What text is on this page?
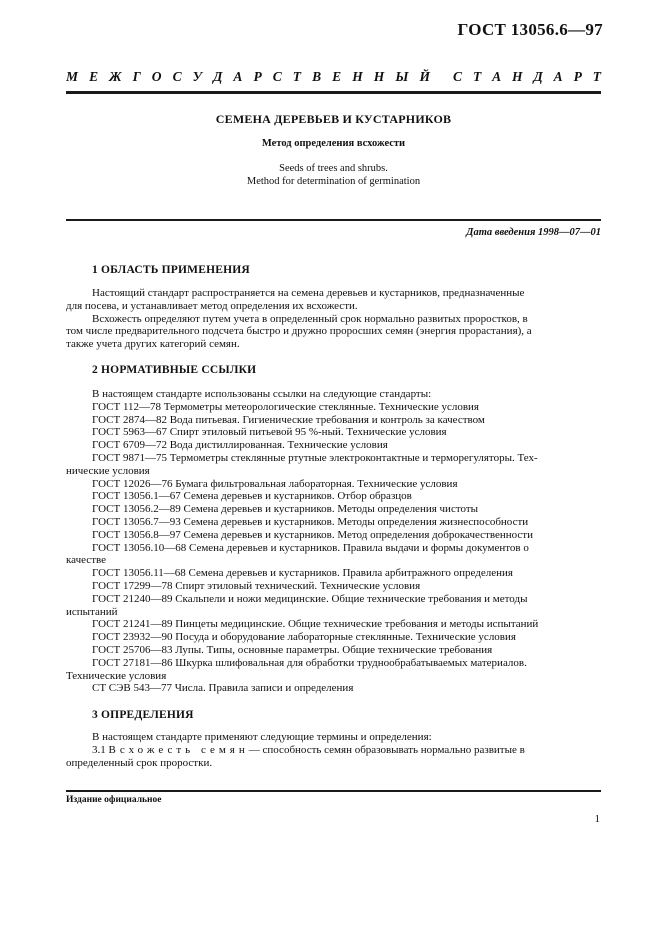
ГОСТ 13056.6—97
М Е Ж Г О С У Д А Р С Т В Е Н Н Ы Й С Т А Н Д А Р Т
СЕМЕНА ДЕРЕВЬЕВ И КУСТАРНИКОВ
Метод определения всхожести
Seeds of trees and shrubs.
Method for determination of germination
Дата введения 1998—07—01
1 ОБЛАСТЬ ПРИМЕНЕНИЯ
Настоящий стандарт распространяется на семена деревьев и кустарников, предназначенные
для посева, и устанавливает метод определения их всхожести.
Всхожесть определяют путем учета в определенный срок нормально развитых проростков, в
том числе предварительного подсчета быстро и дружно проросших семян (энергия прорастания), а
также учета других категорий семян.
2 НОРМАТИВНЫЕ ССЫЛКИ
В настоящем стандарте использованы ссылки на следующие стандарты:
ГОСТ 112—78 Термометры метеорологические стеклянные. Технические условия
ГОСТ 2874—82 Вода питьевая. Гигиенические требования и контроль за качеством
ГОСТ 5963—67 Спирт этиловый питьевой 95 %-ный. Технические условия
ГОСТ 6709—72 Вода дистиллированная. Технические условия
ГОСТ 9871—75 Термометры стеклянные ртутные электроконтактные и терморегуляторы. Тех-
нические условия
ГОСТ 12026—76 Бумага фильтровальная лабораторная. Технические условия
ГОСТ 13056.1—67 Семена деревьев и кустарников. Отбор образцов
ГОСТ 13056.2—89 Семена деревьев и кустарников. Методы определения чистоты
ГОСТ 13056.7—93 Семена деревьев и кустарников. Методы определения жизнеспособности
ГОСТ 13056.8—97 Семена деревьев и кустарников. Метод определения доброкачественности
ГОСТ 13056.10—68 Семена деревьев и кустарников. Правила выдачи и формы документов о
качестве
ГОСТ 13056.11—68 Семена деревьев и кустарников. Правила арбитражного определения
ГОСТ 17299—78 Спирт этиловый технический. Технические условия
ГОСТ 21240—89 Скальпели и ножи медицинские. Общие технические требования и методы
испытаний
ГОСТ 21241—89 Пинцеты медицинские. Общие технические требования и методы испытаний
ГОСТ 23932—90 Посуда и оборудование лабораторные стеклянные. Технические условия
ГОСТ 25706—83 Лупы. Типы, основные параметры. Общие технические требования
ГОСТ 27181—86 Шкурка шлифовальная для обработки труднообрабатываемых материалов.
Технические условия
СТ СЭВ 543—77 Числа. Правила записи и определения
3 ОПРЕДЕЛЕНИЯ
В настоящем стандарте применяют следующие термины и определения:
3.1 Всхожесть семян— способность семян образовывать нормально развитые в
определенный срок проростки.
Издание официальное
1
